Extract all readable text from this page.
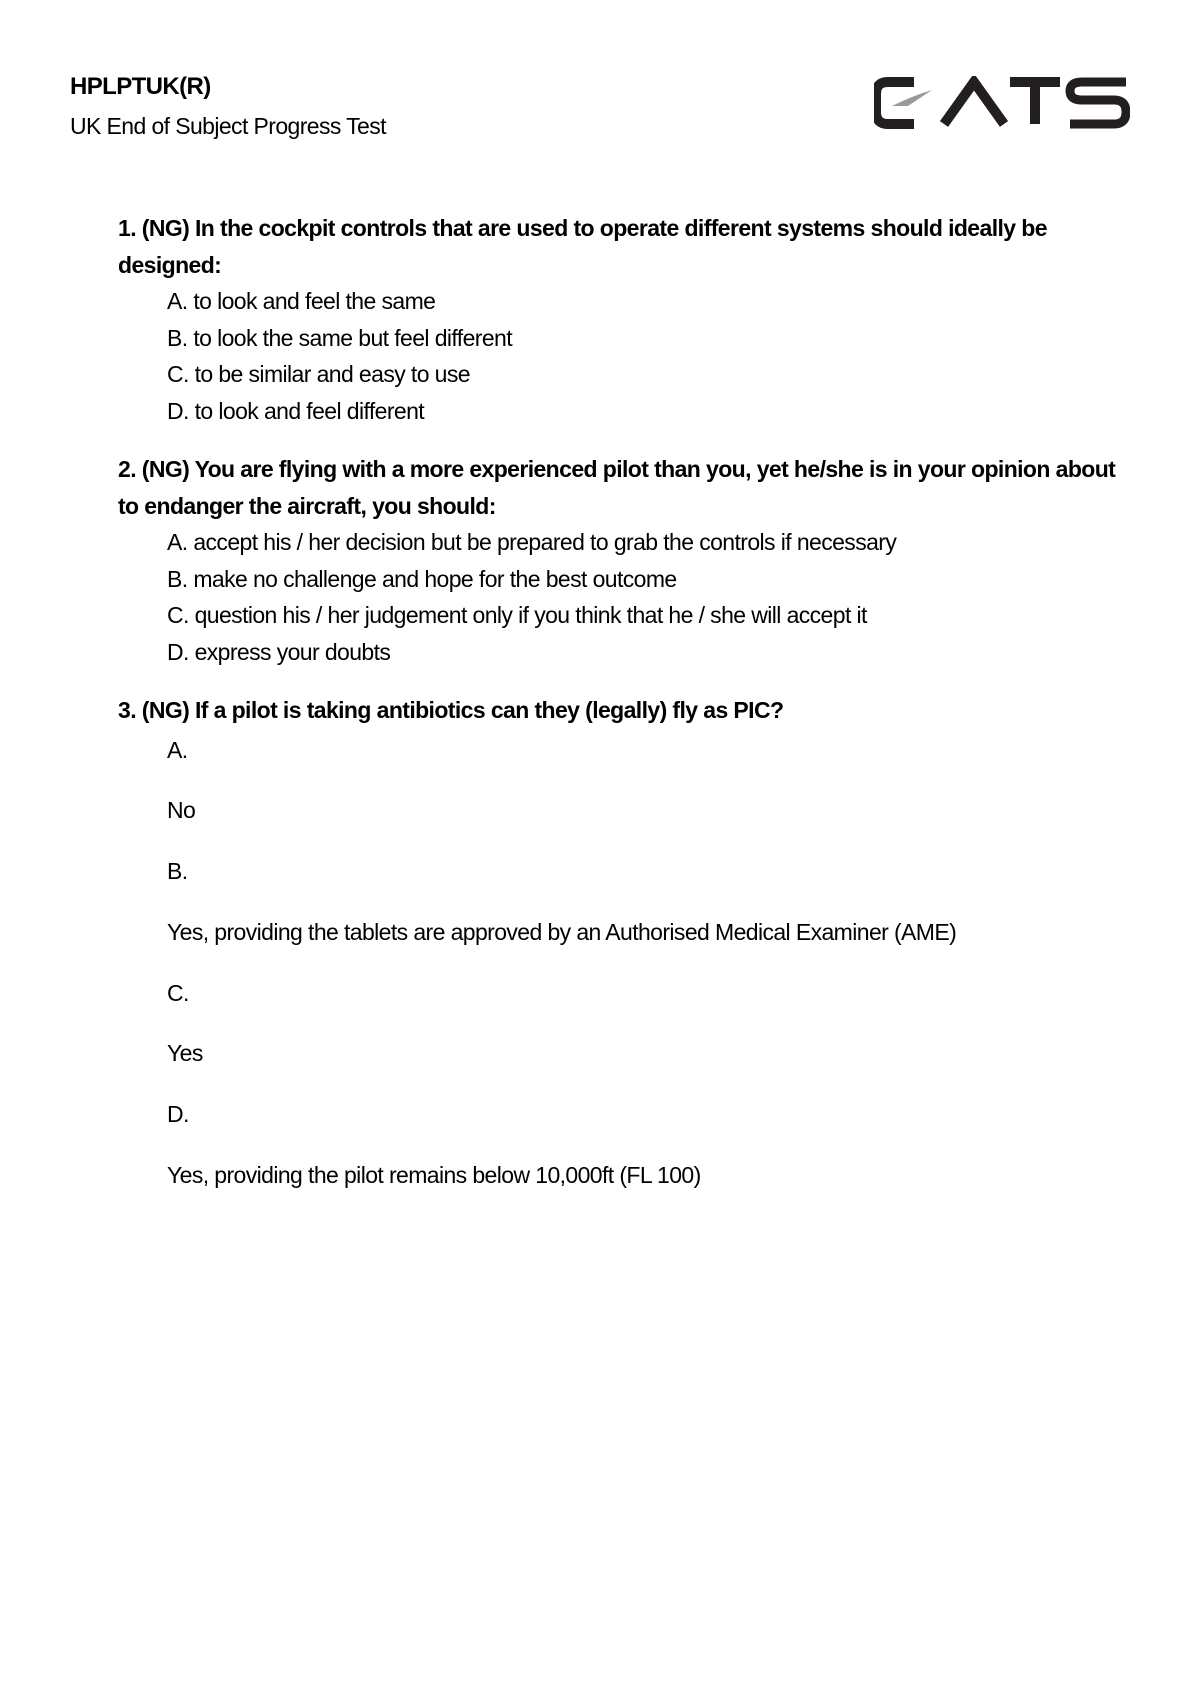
HPLPTUK(R)
UK End of Subject Progress Test

1. (NG) In the cockpit controls that are used to operate different systems should ideally be designed:

A. to look and feel the same
B. to look the same but feel different
C. to be similar and easy to use
D. to look and feel different

2. (NG) You are flying with a more experienced pilot than you, yet he/she is in your opinion about to endanger the aircraft, you should:

A. accept his / her decision but be prepared to grab the controls if necessary
B. make no challenge and hope for the best outcome
C. question his / her judgement only if you think that he / she will accept it
D. express your doubts

3. (NG) If a pilot is taking antibiotics can they (legally) fly as PIC?

A.
No
B.
Yes, providing the tablets are approved by an Authorised Medical Examiner (AME)
C.
Yes
D.
Yes, providing the pilot remains below 10,000ft (FL 100)
